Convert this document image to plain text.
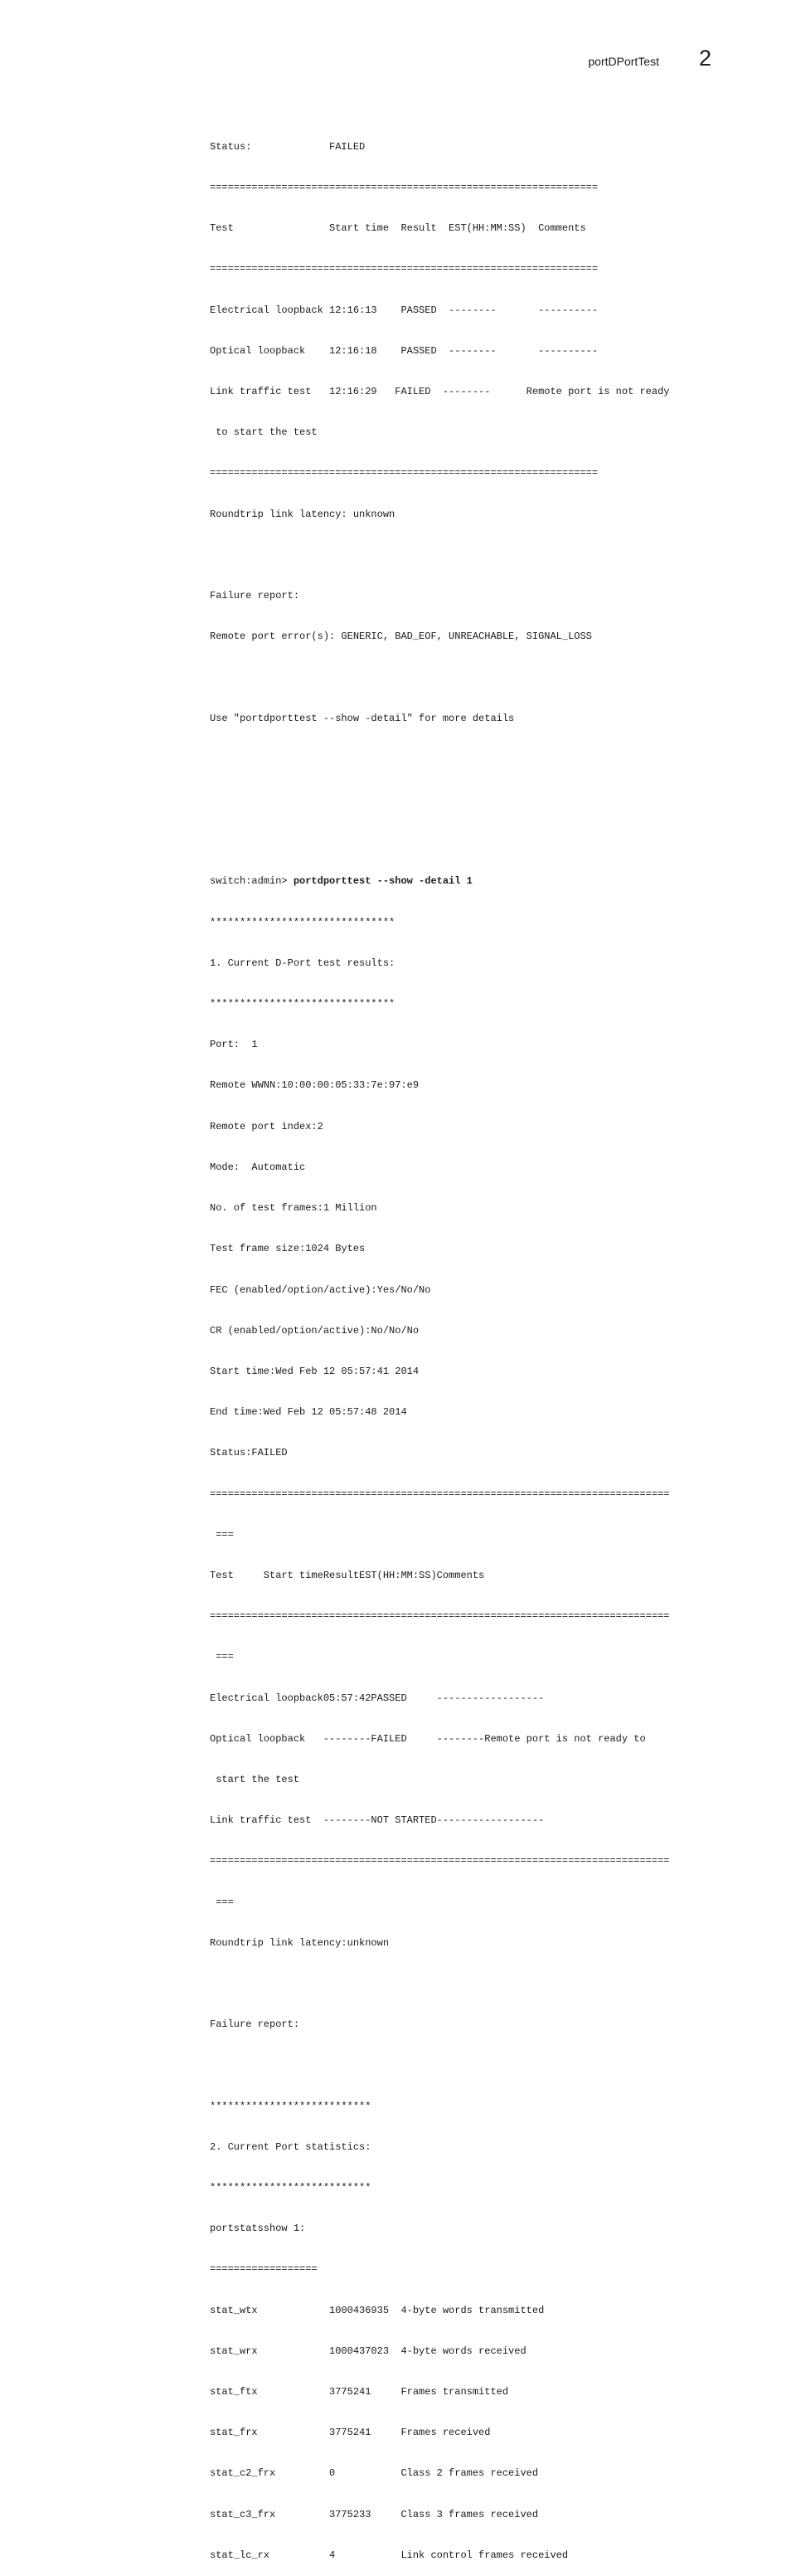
portDPortTest 2

Status:             FAILED

=================================================================

Test                Start time  Result  EST(HH:MM:SS)  Comments

=================================================================

Electrical loopback 12:16:13    PASSED  --------       ----------

Optical loopback    12:16:18    PASSED  --------       ----------

Link traffic test   12:16:29   FAILED  --------      Remote port is not ready

to start the test

=================================================================

Roundtrip link latency: unknown

Failure report:

Remote port error(s): GENERIC, BAD_EOF, UNREACHABLE, SIGNAL_LOSS

Use "portdporttest --show -detail" for more details

switch:admin> portdporttest --show -detail 1

*******************************

1. Current D-Port test results:

*******************************

Port:  1

Remote WWNN:10:00:00:05:33:7e:97:e9

Remote port index:2

Mode:  Automatic

No. of test frames:1 Million

Test frame size:1024 Bytes

FEC (enabled/option/active):Yes/No/No

CR (enabled/option/active):No/No/No

Start time:Wed Feb 12 05:57:41 2014

End time:Wed Feb 12 05:57:48 2014

Status:FAILED

=============================================================================

===

Test     Start timeResultEST(HH:MM:SS)Comments

=============================================================================

===

Electrical loopback05:57:42PASSED     ------------------

Optical loopback   --------FAILED     --------Remote port is not ready to

start the test

Link traffic test  --------NOT STARTED------------------

=============================================================================

===

Roundtrip link latency:unknown

Failure report:

***************************

2. Current Port statistics:

***************************

portstatsshow 1:

==================

stat_wtx            1000436935  4-byte words transmitted

stat_wrx            1000437023  4-byte words received

stat_ftx            3775241     Frames transmitted

stat_frx            3775241     Frames received

stat_c2_frx         0           Class 2 frames received

stat_c3_frx         3775233     Class 3 frames received

stat_lc_rx          4           Link control frames received
